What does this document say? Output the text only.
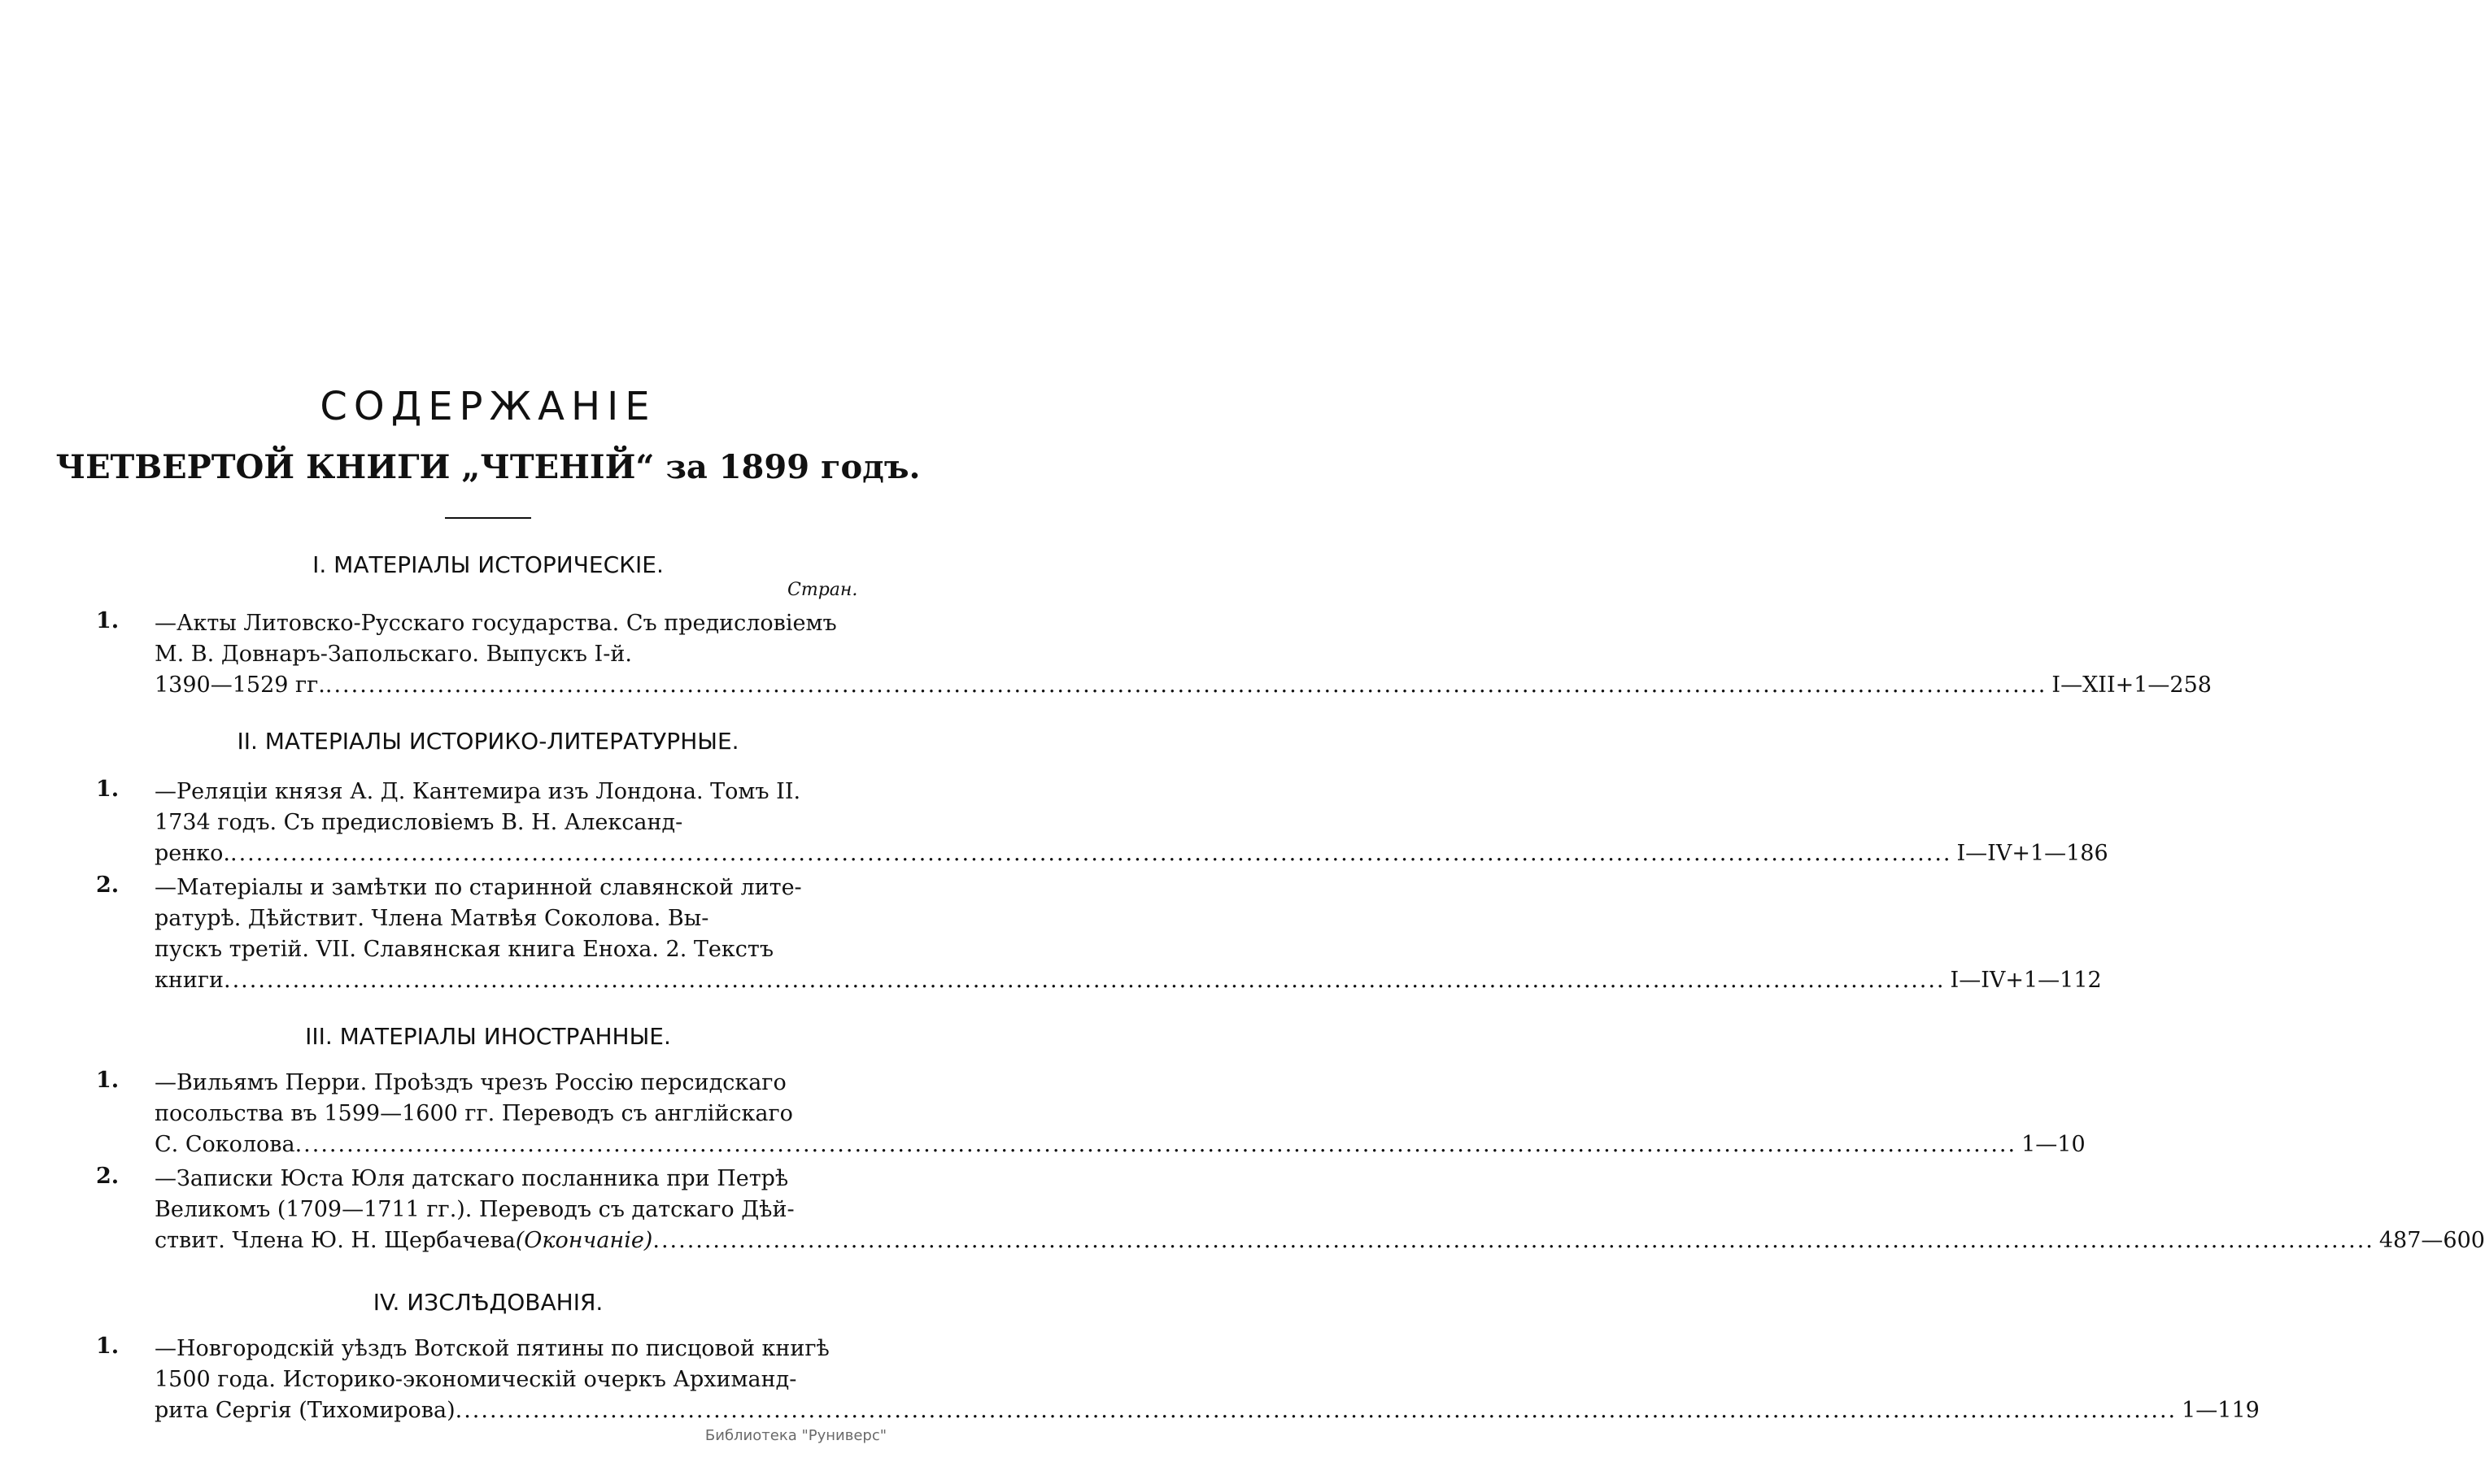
СОДЕРЖАНІЕ
ЧЕТВЕРТОЙ КНИГИ „ЧТЕНІЙ“ за 1899 годъ.
I. МАТЕРІАЛЫ ИСТОРИЧЕСКІЕ.
Стран.
1.	—Акты Литовско-Русскаго государства. Съ предисловіемъ
М. В. Довнаръ-Запольскаго. Выпускъ I-й.
1390—1529 гг. ........................................................................................................................................................................................................ I—XII+1—258
II. МАТЕРІАЛЫ ИСТОРИКО-ЛИТЕРАТУРНЫЕ.
1.	—Реляціи князя А. Д. Кантемира изъ Лондона. Томъ II.
1734 годъ. Съ предисловіемъ В. Н. Александ-
ренко. ........................................................................................................................................................................................................ I—IV+1—186
2.	—Матеріалы и замѣтки по старинной славянской лите-
ратурѣ. Дѣйствит. Члена Матвѣя Соколова. Вы-
пускъ третій. VII. Славянская книга Еноха. 2. Текстъ
книги ........................................................................................................................................................................................................ I—IV+1—112
III. МАТЕРІАЛЫ ИНОСТРАННЫЕ.
1.	—Вильямъ Перри. Проѣздъ чрезъ Россію персидскаго
посольства въ 1599—1600 гг. Переводъ съ англійскаго
С. Соколова ........................................................................................................................................................................................................ 1—10
2.	—Записки Юста Юля датскаго посланника при Петрѣ
Великомъ (1709—1711 гг.). Переводъ съ датскаго Дѣй-
ствит. Члена Ю. Н. Щербачева (Окончаніе) ........................................................................................................................................................................................................ 487—600
IV. ИЗСЛѢДОВАНІЯ.
1.	—Новгородскій уѣздъ Вотской пятины по писцовой книгѣ
1500 года. Историко-экономическій очеркъ Архиманд-
рита Сергія (Тихомирова) ........................................................................................................................................................................................................ 1—119
Библиотека "Руниверс"
